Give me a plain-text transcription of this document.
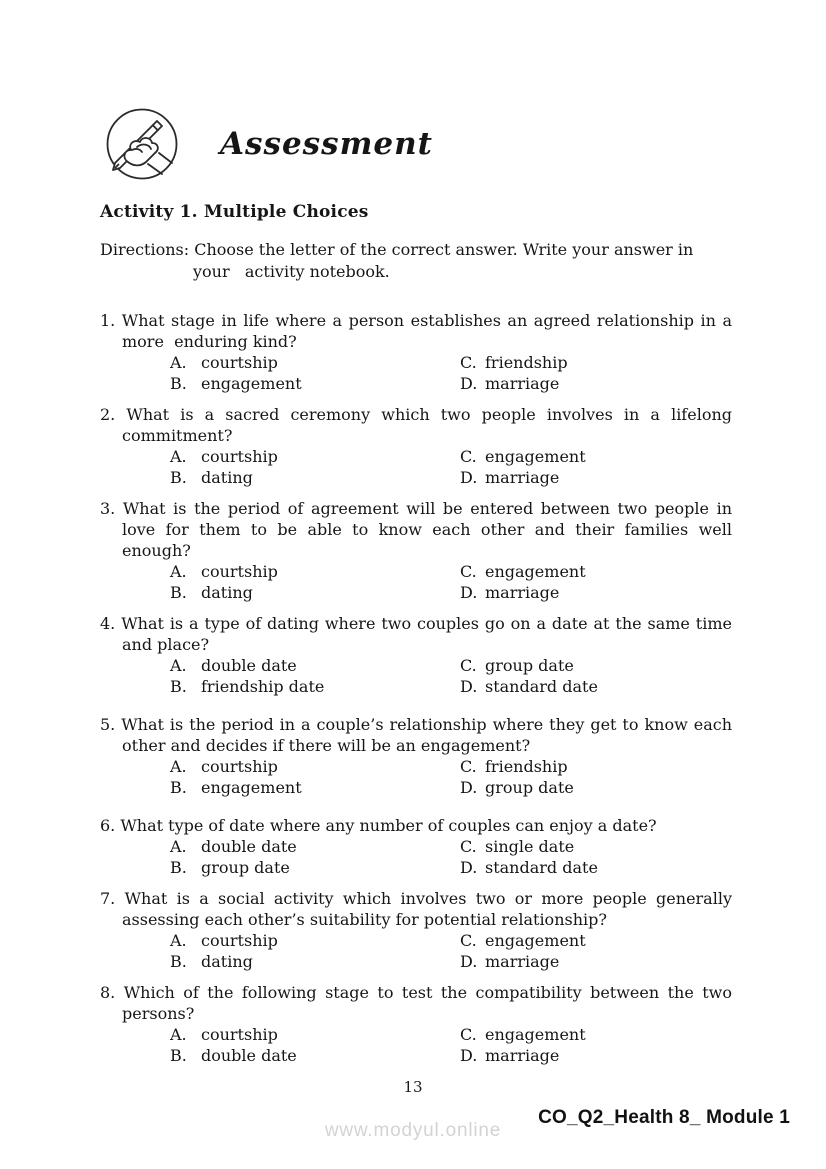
Assessment
Activity 1. Multiple Choices
Directions: Choose the letter of the correct answer. Write your answer in
your   activity notebook.

1. What stage in life where a person establishes an agreed relationship in a more  enduring kind?

A. courtship	C. friendship
B. engagement	D. marriage

2. What is a sacred ceremony which two people involves in a lifelong commitment?

A. courtship	C. engagement
B. dating	D. marriage

3. What is the period of agreement will be entered between two people in love for them to be able to know each other and their families well enough?

A. courtship	C. engagement
B. dating	D. marriage

4. What is a type of dating where two couples go on a date at the same time and place?

A. double date	C. group date
B. friendship date	D. standard date

5. What is the period in a couple’s relationship where they get to know each other and decides if there will be an engagement?

A. courtship	C. friendship
B. engagement	D. group date

6. What type of date where any number of couples can enjoy a date?

A. double date	C. single date
B. group date	D. standard date

7. What is a social activity which involves two or more people generally assessing each other’s suitability for potential relationship?

A. courtship	C. engagement
B. dating	D. marriage

8. Which of the following stage to test the compatibility between the two persons?

A. courtship	C. engagement
B. double date	D. marriage
13
CO_Q2_Health 8_ Module 1
www.modyul.online
